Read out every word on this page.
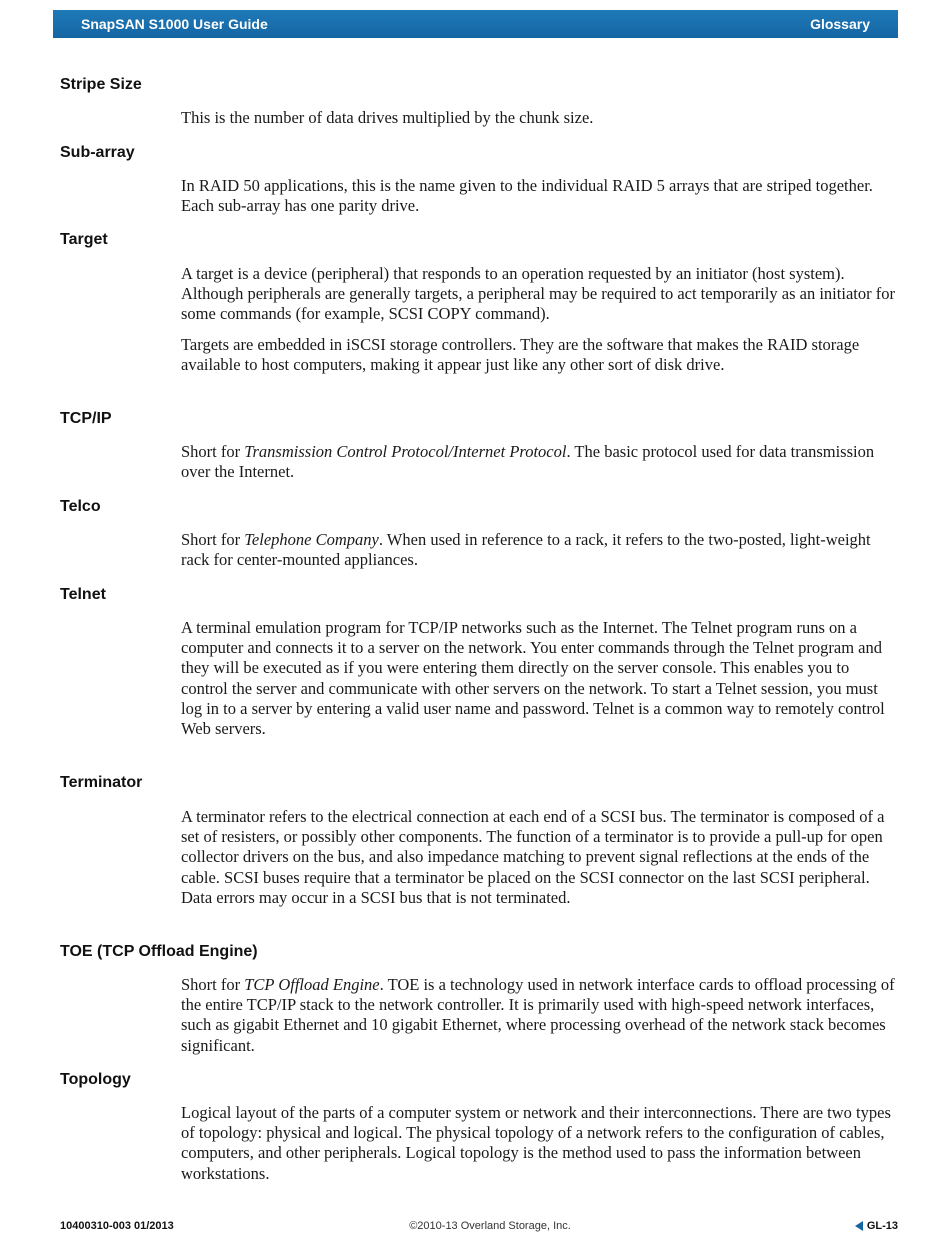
SnapSAN S1000 User Guide	Glossary
Stripe Size

This is the number of data drives multiplied by the chunk size.

Sub-array

In RAID 50 applications, this is the name given to the individual RAID 5 arrays that are striped together. Each sub-array has one parity drive.

Target

A target is a device (peripheral) that responds to an operation requested by an initiator (host system). Although peripherals are generally targets, a peripheral may be required to act temporarily as an initiator for some commands (for example, SCSI COPY command).

Targets are embedded in iSCSI storage controllers. They are the software that makes the RAID storage available to host computers, making it appear just like any other sort of disk drive.

TCP/IP

Short for Transmission Control Protocol/Internet Protocol. The basic protocol used for data transmission over the Internet.

Telco

Short for Telephone Company. When used in reference to a rack, it refers to the two-posted, light-weight rack for center-mounted appliances.

Telnet

A terminal emulation program for TCP/IP networks such as the Internet. The Telnet program runs on a computer and connects it to a server on the network. You enter commands through the Telnet program and they will be executed as if you were entering them directly on the server console. This enables you to control the server and communicate with other servers on the network. To start a Telnet session, you must log in to a server by entering a valid user name and password. Telnet is a common way to remotely control Web servers.

Terminator

A terminator refers to the electrical connection at each end of a SCSI bus. The terminator is composed of a set of resisters, or possibly other components. The function of a terminator is to provide a pull-up for open collector drivers on the bus, and also impedance matching to prevent signal reflections at the ends of the cable. SCSI buses require that a terminator be placed on the SCSI connector on the last SCSI peripheral. Data errors may occur in a SCSI bus that is not terminated.

TOE (TCP Offload Engine)

Short for TCP Offload Engine. TOE is a technology used in network interface cards to offload processing of the entire TCP/IP stack to the network controller. It is primarily used with high-speed network interfaces, such as gigabit Ethernet and 10 gigabit Ethernet, where processing overhead of the network stack becomes significant.

Topology

Logical layout of the parts of a computer system or network and their interconnections. There are two types of topology: physical and logical. The physical topology of a network refers to the configuration of cables, computers, and other peripherals. Logical topology is the method used to pass the information between workstations.

10400310-003 01/2013	©2010-13 Overland Storage, Inc.	GL-13
